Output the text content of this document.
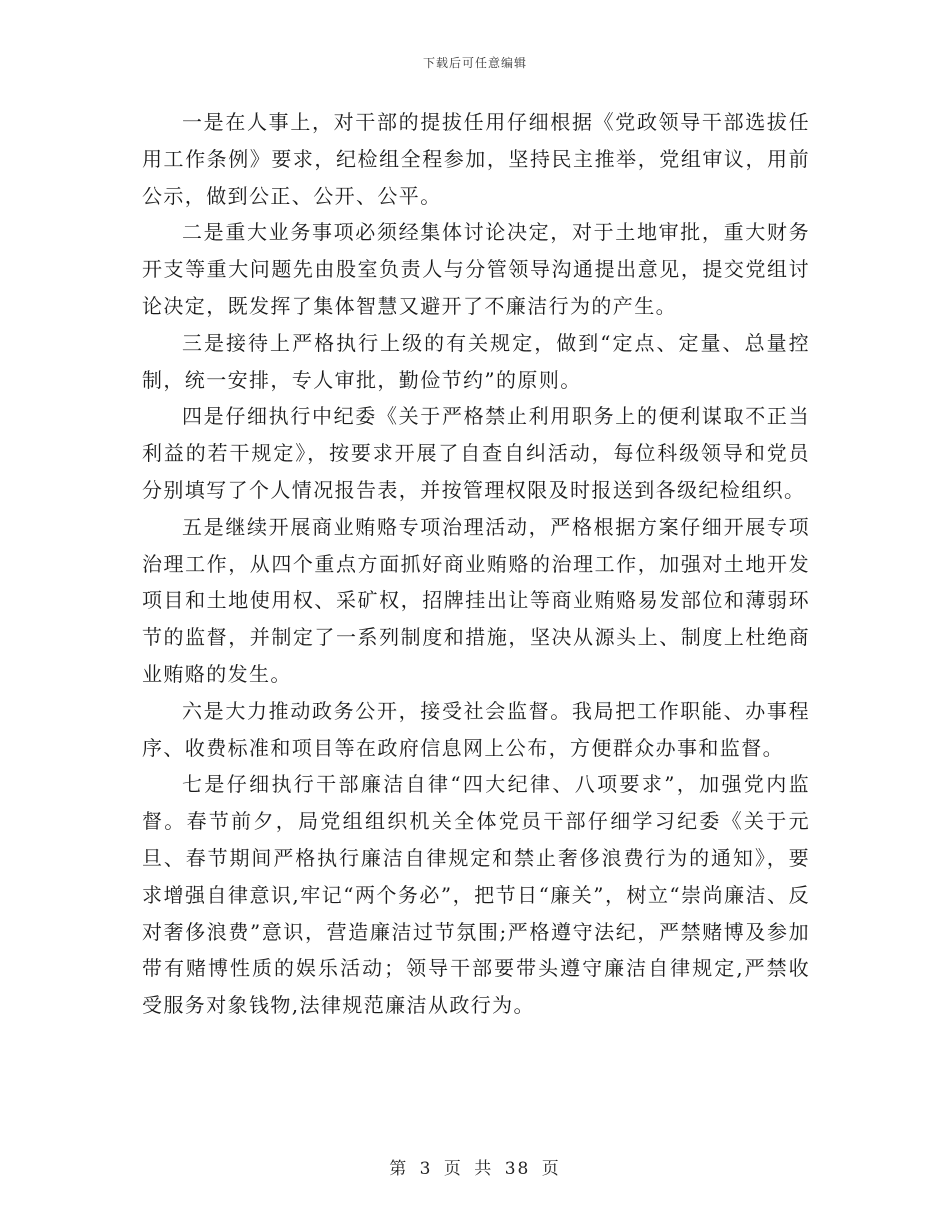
下载后可任意编辑

一是在人事上，对干部的提拔任用仔细根据《党政领导干部选拔任用工作条例》要求，纪检组全程参加，坚持民主推举，党组审议，用前公示，做到公正、公开、公平。

二是重大业务事项必须经集体讨论决定，对于土地审批，重大财务开支等重大问题先由股室负责人与分管领导沟通提出意见，提交党组讨论决定，既发挥了集体智慧又避开了不廉洁行为的产生。

三是接待上严格执行上级的有关规定，做到“定点、定量、总量控制，统一安排，专人审批，勤俭节约”的原则。

四是仔细执行中纪委《关于严格禁止利用职务上的便利谋取不正当利益的若干规定》，按要求开展了自查自纠活动，每位科级领导和党员分别填写了个人情况报告表，并按管理权限及时报送到各级纪检组织。

五是继续开展商业贿赂专项治理活动，严格根据方案仔细开展专项治理工作，从四个重点方面抓好商业贿赂的治理工作，加强对土地开发项目和土地使用权、采矿权，招牌挂出让等商业贿赂易发部位和薄弱环节的监督，并制定了一系列制度和措施，坚决从源头上、制度上杜绝商业贿赂的发生。

六是大力推动政务公开，接受社会监督。我局把工作职能、办事程序、收费标准和项目等在政府信息网上公布，方便群众办事和监督。

七是仔细执行干部廉洁自律“四大纪律、八项要求”，加强党内监督。春节前夕，局党组组织机关全体党员干部仔细学习纪委《关于元旦、春节期间严格执行廉洁自律规定和禁止奢侈浪费行为的通知》，要求增强自律意识,牢记“两个务必”，把节日“廉关”，树立“崇尚廉洁、反对奢侈浪费”意识，营造廉洁过节氛围;严格遵守法纪，严禁赌博及参加带有赌博性质的娱乐活动；领导干部要带头遵守廉洁自律规定,严禁收受服务对象钱物,法律规范廉洁从政行为。

第 3 页 共 38 页
